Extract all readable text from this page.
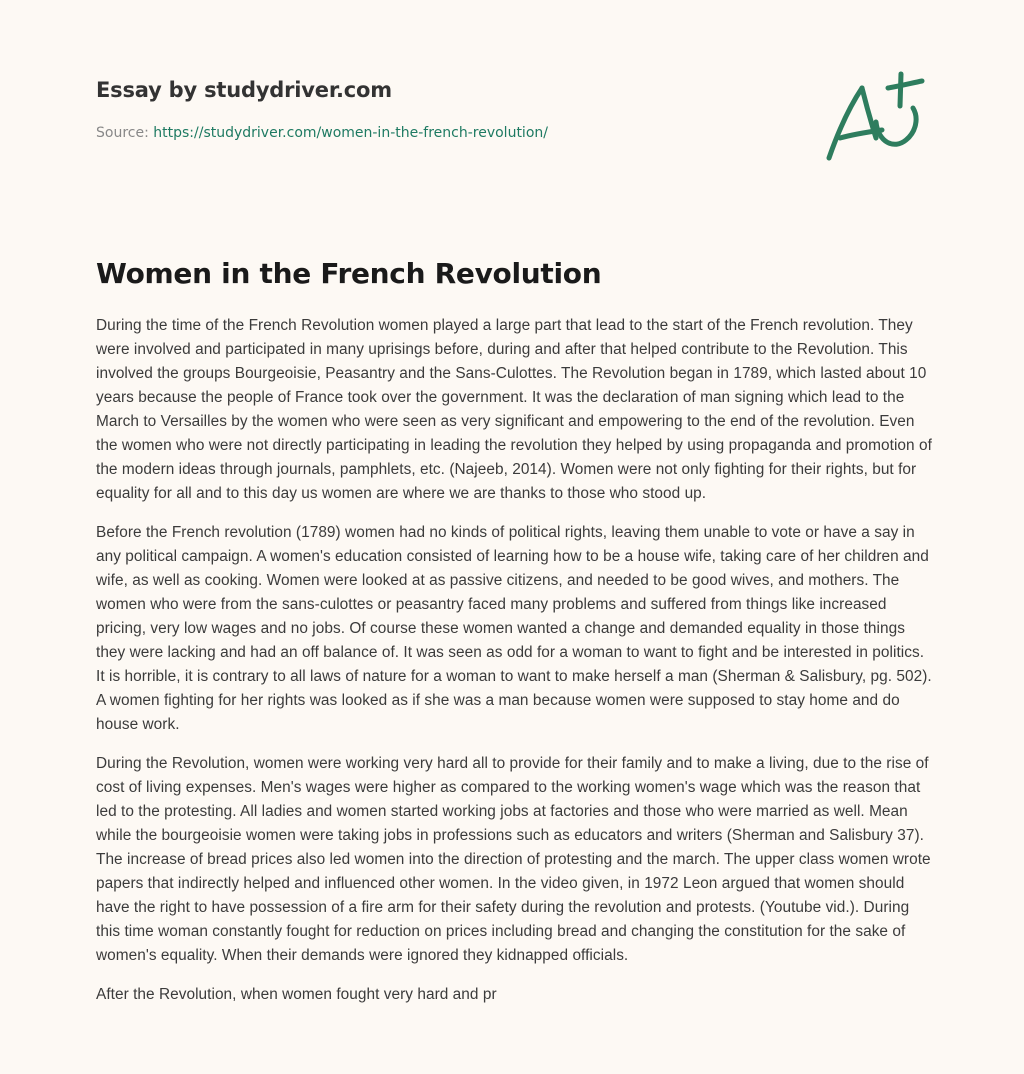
Essay by studydriver.com
Source: https://studydriver.com/women-in-the-french-revolution/
Women in the French Revolution

During the time of the French Revolution women played a large part that lead to the start of the French revolution. They were involved and participated in many uprisings before, during and after that helped contribute to the Revolution. This involved the groups Bourgeoisie, Peasantry and the Sans-Culottes. The Revolution began in 1789, which lasted about 10 years because the people of France took over the government. It was the declaration of man signing which lead to the March to Versailles by the women who were seen as very significant and empowering to the end of the revolution. Even the women who were not directly participating in leading the revolution they helped by using propaganda and promotion of the modern ideas through journals, pamphlets, etc. (Najeeb, 2014). Women were not only fighting for their rights, but for equality for all and to this day us women are where we are thanks to those who stood up.

Before the French revolution (1789) women had no kinds of political rights, leaving them unable to vote or have a say in any political campaign. A women's education consisted of learning how to be a house wife, taking care of her children and wife, as well as cooking. Women were looked at as passive citizens, and needed to be good wives, and mothers. The women who were from the sans-culottes or peasantry faced many problems and suffered from things like increased pricing, very low wages and no jobs. Of course these women wanted a change and demanded equality in those things they were lacking and had an off balance of. It was seen as odd for a woman to want to fight and be interested in politics. It is horrible, it is contrary to all laws of nature for a woman to want to make herself a man (Sherman & Salisbury, pg. 502). A women fighting for her rights was looked as if she was a man because women were supposed to stay home and do house work.

During the Revolution, women were working very hard all to provide for their family and to make a living, due to the rise of cost of living expenses. Men's wages were higher as compared to the working women's wage which was the reason that led to the protesting. All ladies and women started working jobs at factories and those who were married as well. Mean while the bourgeoisie women were taking jobs in professions such as educators and writers (Sherman and Salisbury 37). The increase of bread prices also led women into the direction of protesting and the march. The upper class women wrote papers that indirectly helped and influenced other women. In the video given, in 1972 Leon argued that women should have the right to have possession of a fire arm for their safety during the revolution and protests. (Youtube vid.). During this time woman constantly fought for reduction on prices including bread and changing the constitution for the sake of women's equality. When their demands were ignored they kidnapped officials.

After the Revolution, when women fought very hard and pr
